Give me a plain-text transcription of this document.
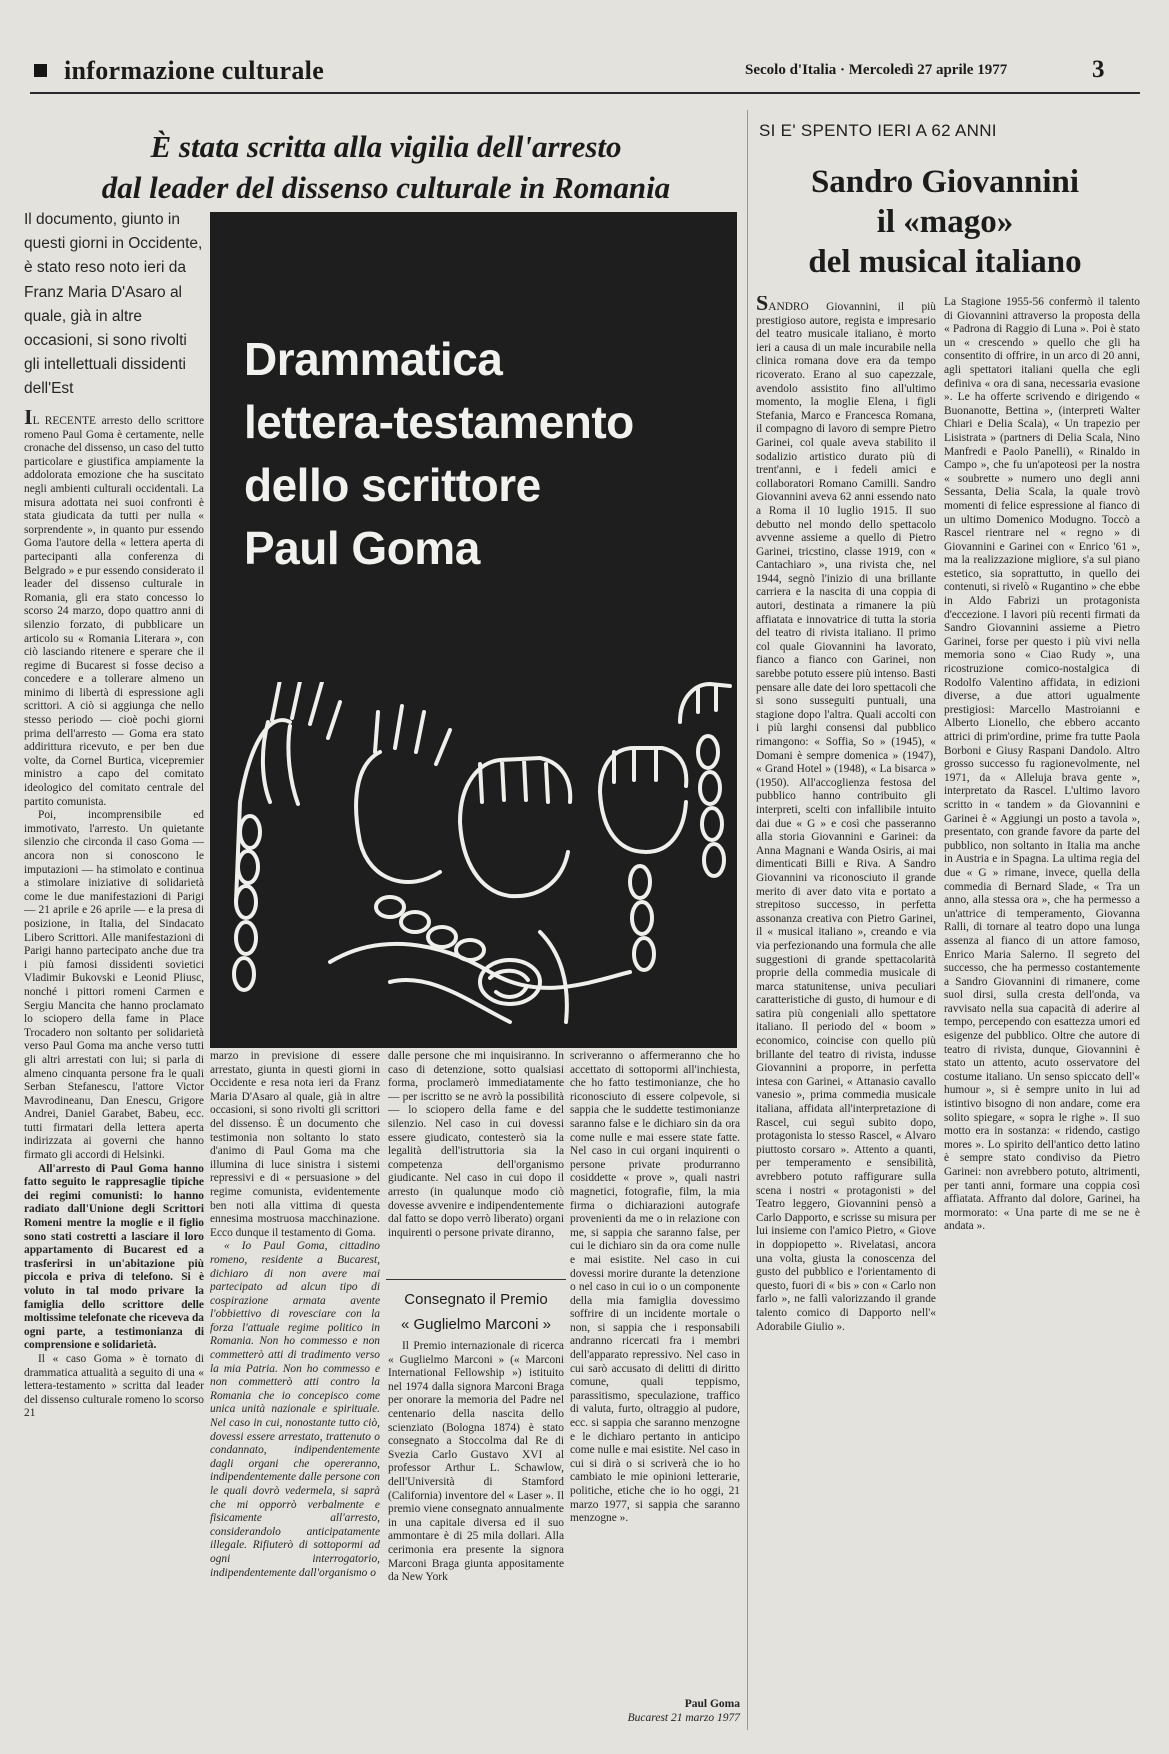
informazione culturale	Secolo d'Italia · Mercoledì 27 aprile 1977	3
È stata scritta alla vigilia dell'arresto
dal leader del dissenso culturale in Romania
Il documento, giunto in questi giorni in Occidente, è stato reso noto ieri da Franz Maria D'Asaro al quale, già in altre occasioni, si sono rivolti gli intellettuali dissidenti dell'Est
Drammatica
lettera-testamento
dello scrittore
Paul Goma

IL RECENTE arresto dello scrittore romeno Paul Goma è certamente, nelle cronache del dissenso, un caso del tutto particolare e giustifica ampiamente la addolorata emozione che ha suscitato negli ambienti culturali occidentali. La misura adottata nei suoi confronti è stata giudicata da tutti per nulla « sorprendente », in quanto pur essendo Goma l'autore della « lettera aperta di partecipanti alla conferenza di Belgrado » e pur essendo considerato il leader del dissenso culturale in Romania, gli era stato concesso lo scorso 24 marzo, dopo quattro anni di silenzio forzato, di pubblicare un articolo su « Romania Literara », con ciò lasciando ritenere e sperare che il regime di Bucarest si fosse deciso a concedere e a tollerare almeno un minimo di libertà di espressione agli scrittori. A ciò si aggiunga che nello stesso periodo — cioè pochi giorni prima dell'arresto — Goma era stato addirittura ricevuto, e per ben due volte, da Cornel Burtica, vicepremier ministro a capo del comitato ideologico del comitato centrale del partito comunista.

Poi, incomprensibile ed immotivato, l'arresto. Un quietante silenzio che circonda il caso Goma — ancora non si conoscono le imputazioni — ha stimolato e continua a stimolare iniziative di solidarietà come le due manifestazioni di Parigi — 21 aprile e 26 aprile — e la presa di posizione, in Italia, del Sindacato Libero Scrittori. Alle manifestazioni di Parigi hanno partecipato anche due tra i più famosi dissidenti sovietici Vladimir Bukovski e Leonid Pliusc, nonché i pittori romeni Carmen e Sergiu Mancita che hanno proclamato lo sciopero della fame in Place Trocadero non soltanto per solidarietà verso Paul Goma ma anche verso tutti gli altri arrestati con lui; si parla di almeno cinquanta persone fra le quali Serban Stefanescu, l'attore Victor Mavrodineanu, Dan Enescu, Grigore Andrei, Daniel Garabet, Babeu, ecc. tutti firmatari della lettera aperta indirizzata ai governi che hanno firmato gli accordi di Helsinki.

All'arresto di Paul Goma hanno fatto seguito le rappresaglie tipiche dei regimi comunisti: lo hanno radiato dall'Unione degli Scrittori Romeni mentre la moglie e il figlio sono stati costretti a lasciare il loro appartamento di Bucarest ed a trasferirsi in un'abitazione più piccola e priva di telefono. Si è voluto in tal modo privare la famiglia dello scrittore delle moltissime telefonate che riceveva da ogni parte, a testimonianza di comprensione e solidarietà.

Il « caso Goma » è tornato di drammatica attualità a seguito di una « lettera-testamento » scritta dal leader del dissenso culturale romeno lo scorso 21

marzo in previsione di essere arrestato, giunta in questi giorni in Occidente e resa nota ieri da Franz Maria D'Asaro al quale, già in altre occasioni, si sono rivolti gli scrittori del dissenso. È un documento che testimonia non soltanto lo stato d'animo di Paul Goma ma che illumina di luce sinistra i sistemi repressivi e di « persuasione » del regime comunista, evidentemente ben noti alla vittima di questa ennesima mostruosa macchinazione. Ecco dunque il testamento di Goma.

« Io Paul Goma, cittadino romeno, residente a Bucarest, dichiaro di non avere mai partecipato ad alcun tipo di cospirazione armata avente l'obbiettivo di rovesciare con la forza l'attuale regime politico in Romania. Non ho commesso e non commetterò atti di tradimento verso la mia Patria. Non ho commesso e non commetterò atti contro la Romania che io concepisco come unica unità nazionale e spirituale. Nel caso in cui, nonostante tutto ciò, dovessi essere arrestato, trattenuto o condannato, indipendentemente dagli organi che opereranno, indipendentemente dalle persone con le quali dovrò vedermela, si saprà che mi opporrò verbalmente e fisicamente all'arresto, considerandolo anticipatamente illegale. Rifiuterò di sottopormi ad ogni interrogatorio, indipendentemente dall'organismo o

dalle persone che mi inquisiranno. In caso di detenzione, sotto qualsiasi forma, proclamerò immediatamente — per iscritto se ne avrò la possibilità — lo sciopero della fame e del silenzio. Nel caso in cui dovessi essere giudicato, contesterò sia la legalità dell'istruttoria sia la competenza dell'organismo giudicante. Nel caso in cui dopo il arresto (in qualunque modo ciò dovesse avvenire e indipendentemente dal fatto se dopo verrò liberato) organi inquirenti o persone private diranno,

Consegnato il Premio
« Guglielmo Marconi »

Il Premio internazionale di ricerca « Guglielmo Marconi » (« Marconi International Fellowship ») istituito nel 1974 dalla signora Marconi Braga per onorare la memoria del Padre nel centenario della nascita dello scienziato (Bologna 1874) è stato consegnato a Stoccolma dal Re di Svezia Carlo Gustavo XVI al professor Arthur L. Schawlow, dell'Università di Stamford (California) inventore del « Laser ». Il premio viene consegnato annualmente in una capitale diversa ed il suo ammontare è di 25 mila dollari. Alla cerimonia era presente la signora Marconi Braga giunta appositamente da New York

scriveranno o affermeranno che ho accettato di sottopormi all'inchiesta, che ho fatto testimonianze, che ho riconosciuto di essere colpevole, si sappia che le suddette testimonianze saranno false e le dichiaro sin da ora come nulle e mai essere state fatte. Nel caso in cui organi inquirenti o persone private produrranno cosiddette « prove », quali nastri magnetici, fotografie, film, la mia firma o dichiarazioni autografe provenienti da me o in relazione con me, si sappia che saranno false, per cui le dichiaro sin da ora come nulle e mai esistite. Nel caso in cui dovessi morire durante la detenzione o nel caso in cui io o un componente della mia famiglia dovessimo soffrire di un incidente mortale o non, si sappia che i responsabili andranno ricercati fra i membri dell'apparato repressivo. Nel caso in cui sarò accusato di delitti di diritto comune, quali teppismo, parassitismo, speculazione, traffico di valuta, furto, oltraggio al pudore, ecc. si sappia che saranno menzogne e le dichiaro pertanto in anticipo come nulle e mai esistite. Nel caso in cui si dirà o si scriverà che io ho cambiato le mie opinioni letterarie, politiche, etiche che io ho oggi, 21 marzo 1977, si sappia che saranno menzogne ».

Paul Goma
Bucarest 21 marzo 1977
SI E' SPENTO IERI A 62 ANNI
Sandro Giovannini
il «mago»
del musical italiano

SANDRO Giovannini, il più prestigioso autore, regista e impresario del teatro musicale italiano, è morto ieri a causa di un male incurabile nella clinica romana dove era da tempo ricoverato. Erano al suo capezzale, avendolo assistito fino all'ultimo momento, la moglie Elena, i figli Stefania, Marco e Francesca Romana, il compagno di lavoro di sempre Pietro Garinei, col quale aveva stabilito il sodalizio artistico durato più di trent'anni, e i fedeli amici e collaboratori Romano Camilli. Sandro Giovannini aveva 62 anni essendo nato a Roma il 10 luglio 1915. Il suo debutto nel mondo dello spettacolo avvenne assieme a quello di Pietro Garinei, tricstino, classe 1919, con « Cantachiaro », una rivista che, nel 1944, segnò l'inizio di una brillante carriera e la nascita di una coppia di autori, destinata a rimanere la più affiatata e innovatrice di tutta la storia del teatro di rivista italiano. Il primo col quale Giovannini ha lavorato, fianco a fianco con Garinei, non sarebbe potuto essere più intenso. Basti pensare alle date dei loro spettacoli che si sono susseguiti puntuali, una stagione dopo l'altra. Quali accolti con i più larghi consensi dal pubblico rimangono: « Soffia, So » (1945), « Domani è sempre domenica » (1947), « Grand Hotel » (1948), « La bisarca » (1950). All'accoglienza festosa del pubblico hanno contribuito gli interpreti, scelti con infallibile intuito dai due « G » e così che passeranno alla storia Giovannini e Garinei: da Anna Magnani e Wanda Osiris, ai mai dimenticati Billi e Riva. A Sandro Giovannini va riconosciuto il grande merito di aver dato vita e portato a strepitoso successo, in perfetta assonanza creativa con Pietro Garinei, il « musical italiano », creando e via via perfezionando una formula che alle suggestioni di grande spettacolarità proprie della commedia musicale di marca statunitense, univa peculiari caratteristiche di gusto, di humour e di satira più congeniali allo spettatore italiano. Il periodo del « boom » economico, coincise con quello più brillante del teatro di rivista, indusse Giovannini a proporre, in perfetta intesa con Garinei, « Attanasio cavallo vanesio », prima commedia musicale italiana, affidata all'interpretazione di Rascel, cui seguì subito dopo, protagonista lo stesso Rascel, « Alvaro piuttosto corsaro ». Attento a quanti, per temperamento e sensibilità, avrebbero potuto raffigurare sulla scena i nostri « protagonisti » del Teatro leggero, Giovannini pensò a Carlo Dapporto, e scrisse su misura per lui insieme con l'amico Pietro, « Giove in doppiopetto ». Rivelatasi, ancora una volta, giusta la conoscenza del gusto del pubblico e l'orientamento di questo, fuori di « bis » con « Carlo non farlo », ne fallì valorizzando il grande talento comico di Dapporto nell'« Adorabile Giulio ».

La Stagione 1955-56 confermò il talento di Giovannini attraverso la proposta della « Padrona di Raggio di Luna ». Poi è stato un « crescendo » quello che gli ha consentito di offrire, in un arco di 20 anni, agli spettatori italiani quella che egli definiva « ora di sana, necessaria evasione ». Le ha offerte scrivendo e dirigendo « Buonanotte, Bettina », (interpreti Walter Chiari e Delia Scala), « Un trapezio per Lisistrata » (partners di Delia Scala, Nino Manfredi e Paolo Panelli), « Rinaldo in Campo », che fu un'apoteosi per la nostra « soubrette » numero uno degli anni Sessanta, Delia Scala, la quale trovò momenti di felice espressione al fianco di un ultimo Domenico Modugno. Toccò a Rascel rientrare nel « regno » di Giovannini e Garinei con « Enrico '61 », ma la realizzazione migliore, s'a sul piano estetico, sia soprattutto, in quello dei contenuti, si rivelò « Rugantino » che ebbe in Aldo Fabrizi un protagonista d'eccezione. I lavori più recenti firmati da Sandro Giovannini assieme a Pietro Garinei, forse per questo i più vivi nella memoria sono « Ciao Rudy », una ricostruzione comico-nostalgica di Rodolfo Valentino affidata, in edizioni diverse, a due attori ugualmente prestigiosi: Marcello Mastroianni e Alberto Lionello, che ebbero accanto attrici di prim'ordine, prime fra tutte Paola Borboni e Giusy Raspani Dandolo. Altro grosso successo fu ragionevolmente, nel 1971, da « Alleluja brava gente », interpretato da Rascel. L'ultimo lavoro scritto in « tandem » da Giovannini e Garinei è « Aggiungi un posto a tavola », presentato, con grande favore da parte del pubblico, non soltanto in Italia ma anche in Austria e in Spagna. La ultima regia del due « G » rimane, invece, quella della commedia di Bernard Slade, « Tra un anno, alla stessa ora », che ha permesso a un'attrice di temperamento, Giovanna Ralli, di tornare al teatro dopo una lunga assenza al fianco di un attore famoso, Enrico Maria Salerno. Il segreto del successo, che ha permesso costantemente a Sandro Giovannini di rimanere, come suol dirsi, sulla cresta dell'onda, va ravvisato nella sua capacità di aderire al tempo, percependo con esattezza umori ed esigenze del pubblico. Oltre che autore di teatro di rivista, dunque, Giovannini è stato un attento, acuto osservatore del costume italiano. Un senso spiccato dell'« humour », si è sempre unito in lui ad istintivo bisogno di non andare, come era solito spiegare, « sopra le righe ». Il suo motto era in sostanza: « ridendo, castigo mores ». Lo spirito dell'antico detto latino è sempre stato condiviso da Pietro Garinei: non avrebbero potuto, altrimenti, per tanti anni, formare una coppia così affiatata. Affranto dal dolore, Garinei, ha mormorato: « Una parte di me se ne è andata ».
